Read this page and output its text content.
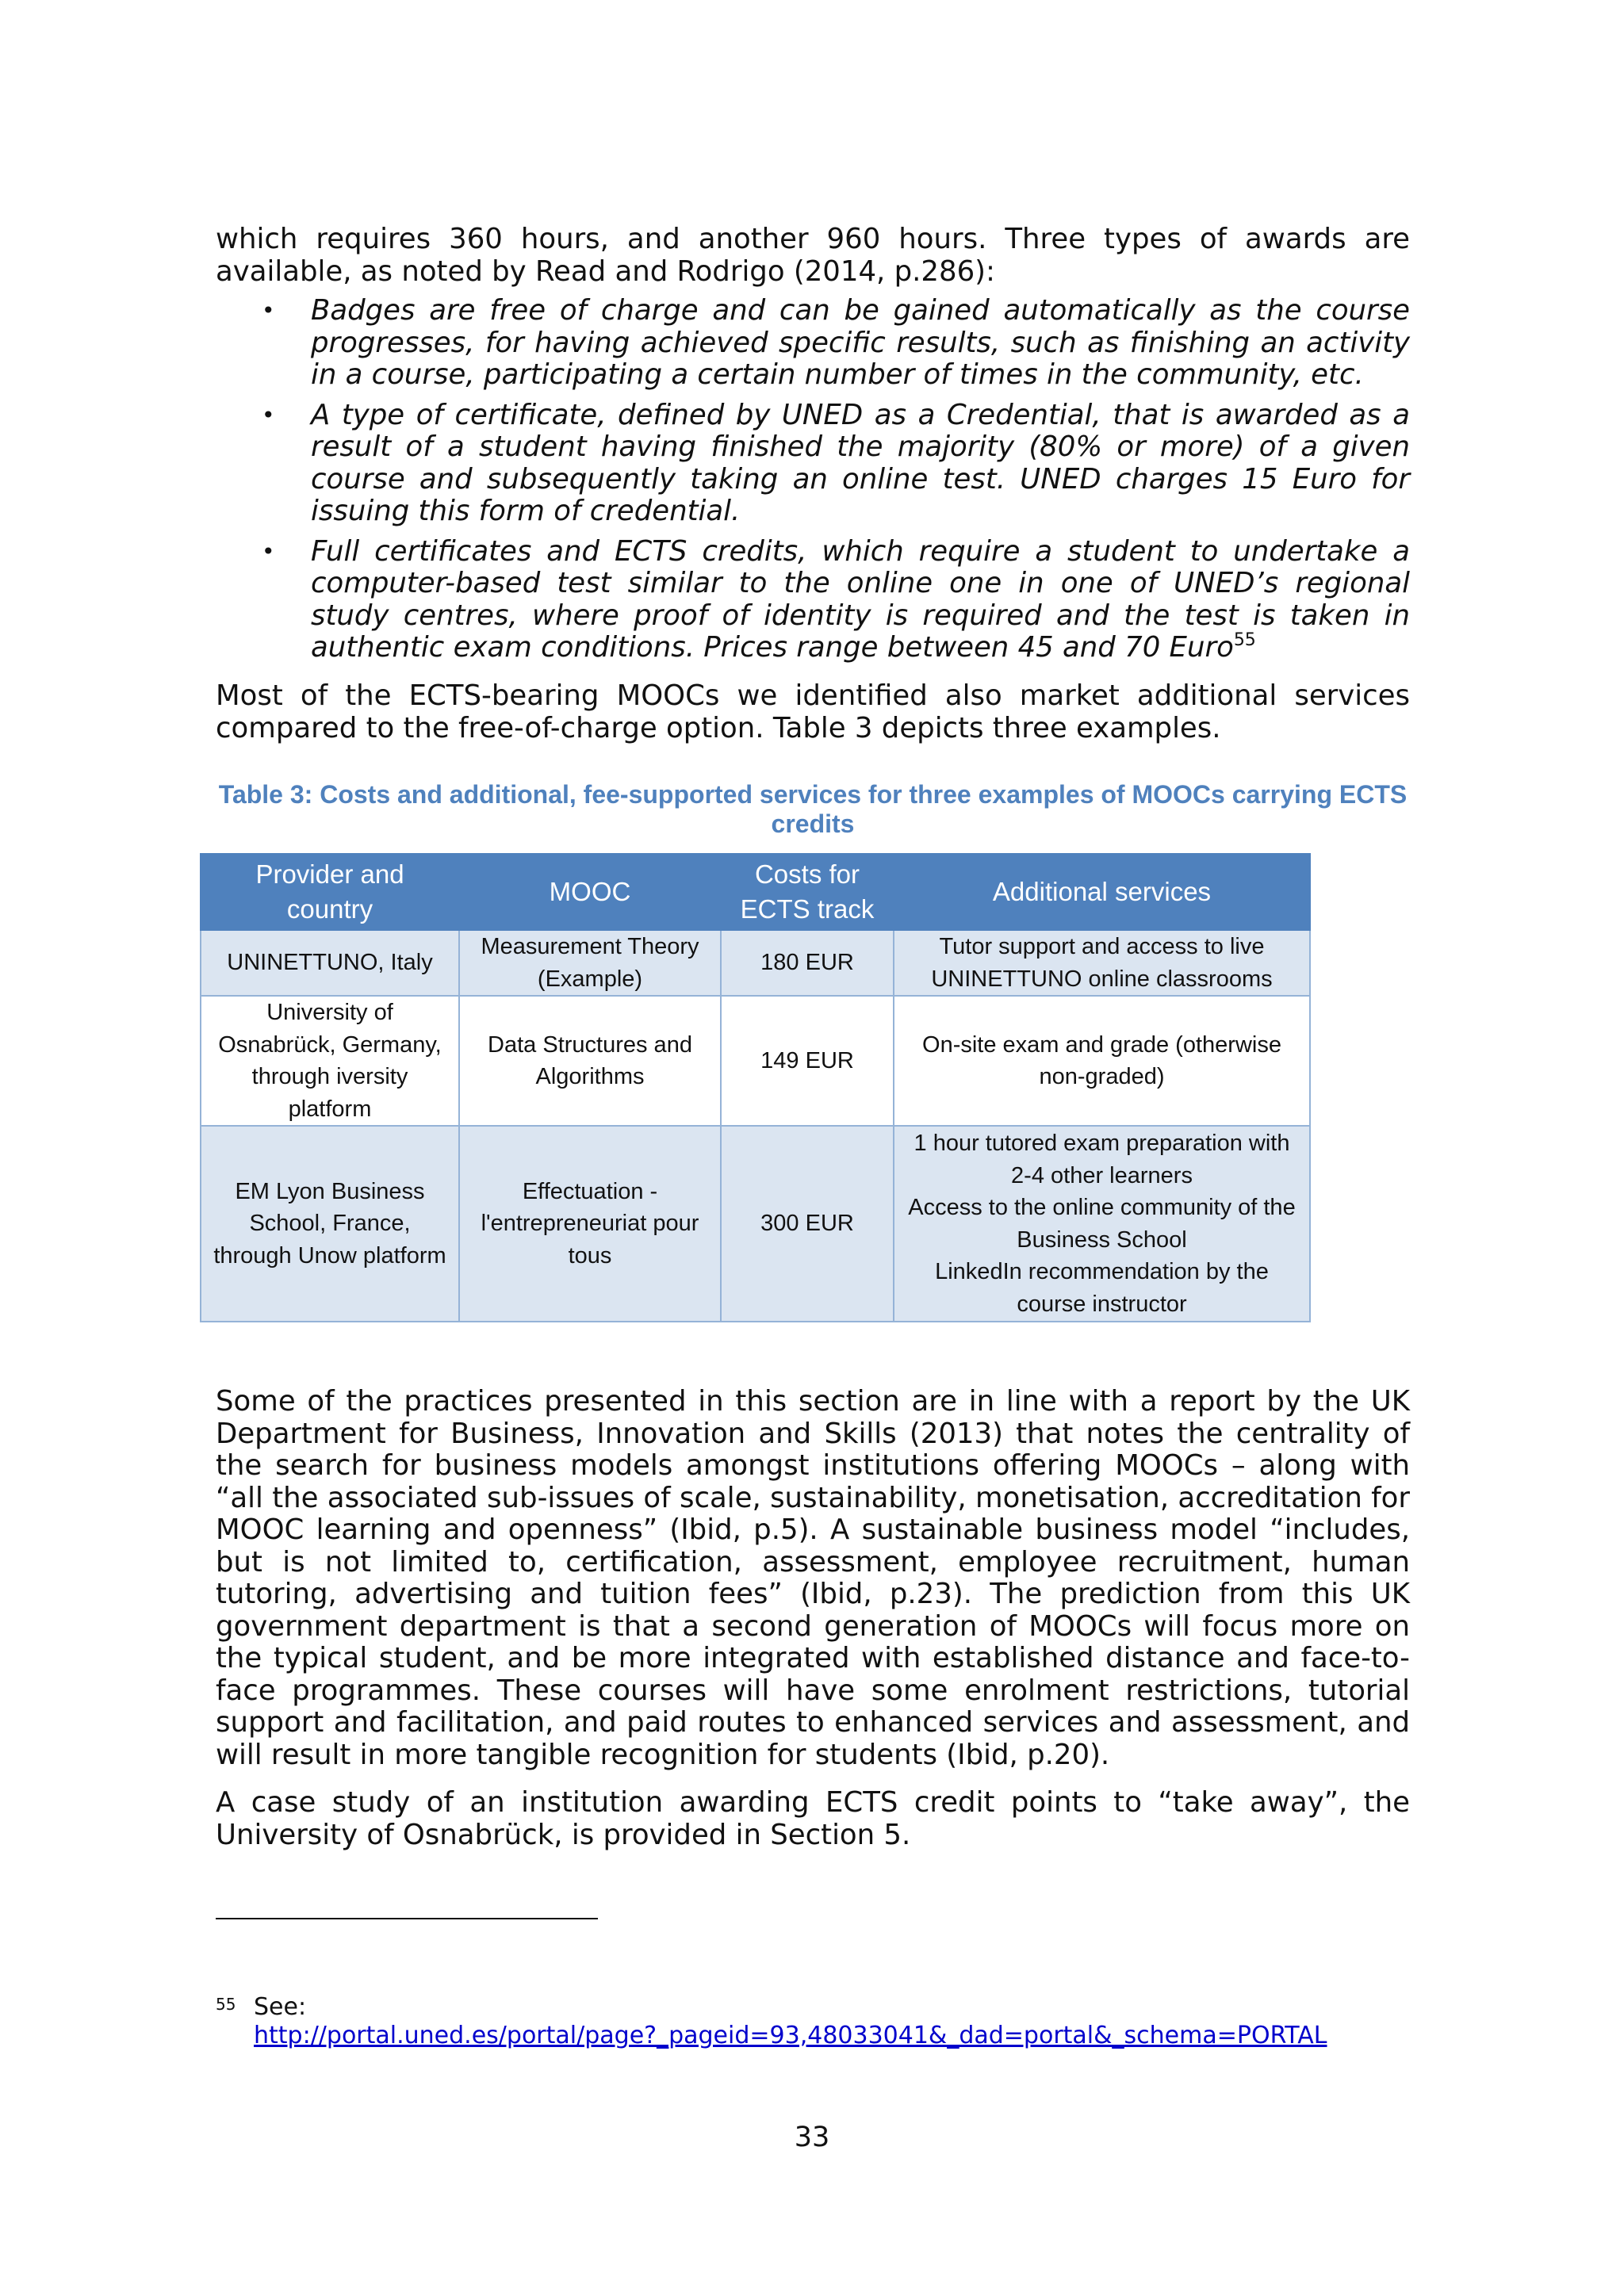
which requires 360 hours, and another 960 hours. Three types of awards are available, as noted by Read and Rodrigo (2014, p.286):

• Badges are free of charge and can be gained automatically as the course progresses, for having achieved specific results, such as finishing an activity in a course, participating a certain number of times in the community, etc.
• A type of certificate, defined by UNED as a Credential, that is awarded as a result of a student having finished the majority (80% or more) of a given course and subsequently taking an online test. UNED charges 15 Euro for issuing this form of credential.
• Full certificates and ECTS credits, which require a student to undertake a computer-based test similar to the online one in one of UNED’s regional study centres, where proof of identity is required and the test is taken in authentic exam conditions. Prices range between 45 and 70 Euro$^{55}$

Most of the ECTS-bearing MOOCs we identified also market additional services compared to the free-of-charge option. Table 3 depicts three examples.

Table 3: Costs and additional, fee-supported services for three examples of MOOCs carrying ECTS credits
Provider and country	MOOC	Costs for ECTS track	Additional services
UNINETTUNO, Italy	Measurement Theory (Example)	180 EUR	Tutor support and access to live UNINETTUNO online classrooms

University of Osnabrück, Germany, through iversity platform	Data Structures and Algorithms	149 EUR	On-site exam and grade (otherwise non-graded)

EM Lyon Business School, France, through Unow platform	Effectuation - l'entrepreneuriat pour tous	300 EUR	1 hour tutored exam preparation with 2-4 other learners
Access to the online community of the Business School
LinkedIn recommendation by the course instructor

Some of the practices presented in this section are in line with a report by the UK Department for Business, Innovation and Skills (2013) that notes the centrality of the search for business models amongst institutions offering MOOCs – along with “all the associated sub-issues of scale, sustainability, monetisation, accreditation for MOOC learning and openness” (Ibid, p.5). A sustainable business model “includes, but is not limited to, certification, assessment, employee recruitment, human tutoring, advertising and tuition fees” (Ibid, p.23). The prediction from this UK government department is that a second generation of MOOCs will focus more on the typical student, and be more integrated with established distance and face-to-face programmes. These courses will have some enrolment restrictions, tutorial support and facilitation, and paid routes to enhanced services and assessment, and will result in more tangible recognition for students (Ibid, p.20).

A case study of an institution awarding ECTS credit points to “take away”, the University of Osnabrück, is provided in Section 5.

55 See:
http://portal.uned.es/portal/page?_pageid=93,48033041&_dad=portal&_schema=PORTAL
33
